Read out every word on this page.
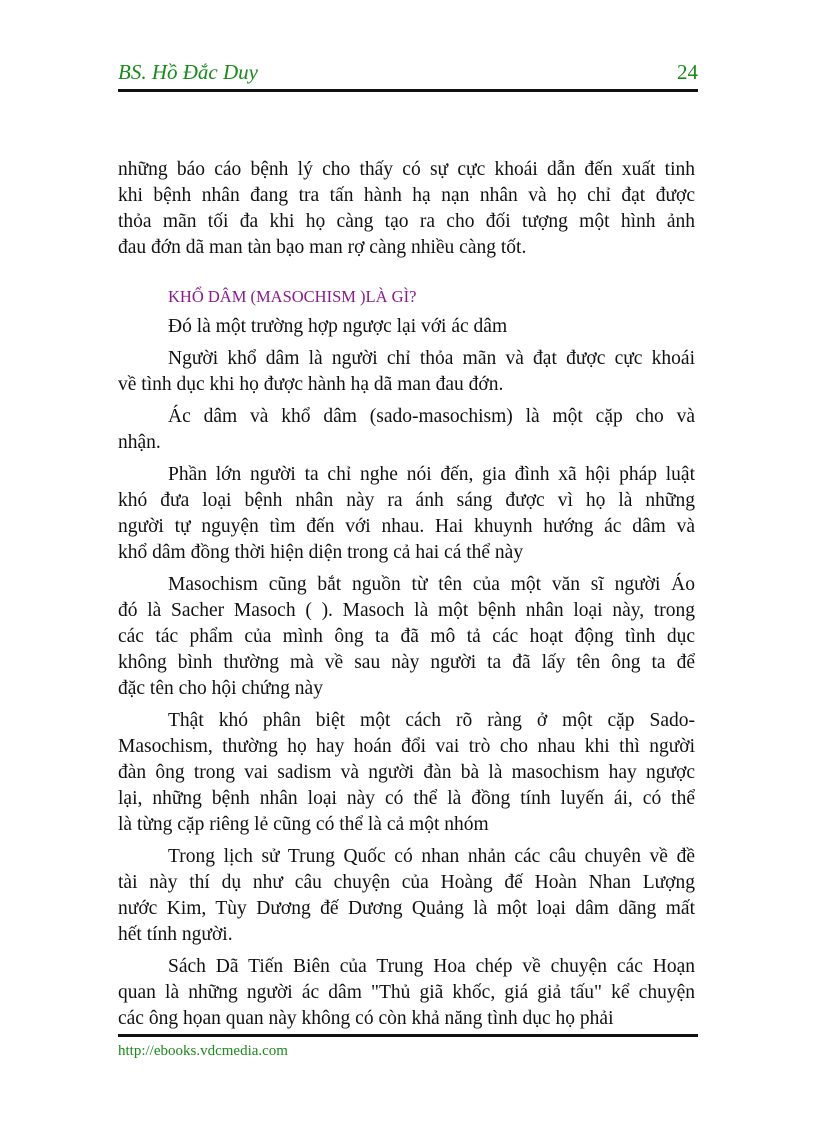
BS. Hồ Đắc Duy	24
những báo cáo bệnh lý cho thấy có sự cực khoái dẫn đến xuất tinh
khi bệnh nhân đang tra tấn hành hạ nạn nhân và họ chỉ đạt được
thỏa mãn tối đa khi họ càng tạo ra cho đối tượng một hình ảnh
đau đớn dã man tàn bạo man rợ càng nhiều càng tốt.
KHỔ DÂM (MASOCHISM )LÀ GÌ?
Đó là một trường hợp ngược lại với ác dâm
Người khổ dâm là người chỉ thỏa mãn và đạt được cực khoái
về tình dục khi họ được hành hạ dã man đau đớn.
Ác dâm và khổ dâm (sado-masochism) là một cặp cho và
nhận.
Phần lớn người ta chỉ nghe nói đến, gia đình xã hội pháp luật
khó đưa loại bệnh nhân này ra ánh sáng được vì họ là những
người tự nguyện tìm đến với nhau. Hai khuynh hướng ác dâm và
khổ dâm đồng thời hiện diện trong cả hai cá thể này
Masochism cũng bắt nguồn từ tên của một văn sĩ người Áo
đó là Sacher Masoch ( ). Masoch là một bệnh nhân loại này, trong
các tác phẩm của mình ông ta đã mô tả các hoạt động tình dục
không bình thường mà về sau này người ta đã lấy tên ông ta để
đặc tên cho hội chứng này
Thật khó phân biệt một cách rõ ràng ở một cặp Sado-
Masochism, thường họ hay hoán đổi vai trò cho nhau khi thì người
đàn ông trong vai sadism và người đàn bà là masochism hay ngược
lại, những bệnh nhân loại này có thể là đồng tính luyến ái, có thể
là từng cặp riêng lẻ cũng có thể là cả một nhóm
Trong lịch sử Trung Quốc có nhan nhản các câu chuyên về đề
tài này thí dụ như câu chuyện của Hoàng đế Hoàn Nhan Lượng
nước Kim, Tùy Dương đế Dương Quảng là một loại dâm dãng mất
hết tính người.
Sách Dã Tiến Biên của Trung Hoa chép về chuyện các Hoạn
quan là những người ác dâm "Thủ giã khốc, giá giả tấu" kể chuyện
các ông họan quan này không có còn khả năng tình dục họ phải
http://ebooks.vdcmedia.com
